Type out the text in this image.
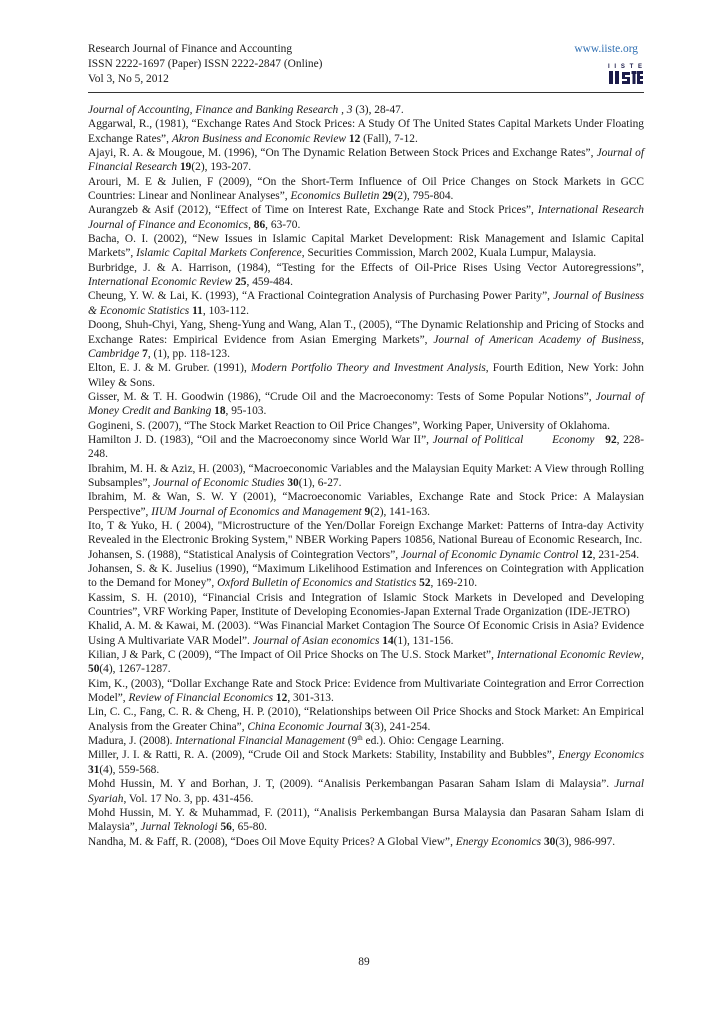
Research Journal of Finance and Accounting
ISSN 2222-1697 (Paper) ISSN 2222-2847 (Online)
Vol 3, No 5, 2012
www.iiste.org
IISTE

Journal of Accounting, Finance and Banking Research , 3 (3), 28-47.

Aggarwal, R., (1981), “Exchange Rates And Stock Prices: A Study Of The United States Capital Markets Under Floating Exchange Rates”, Akron Business and Economic Review 12 (Fall), 7-12.

Ajayi, R. A. & Mougoue, M. (1996), “On The Dynamic Relation Between Stock Prices and Exchange Rates”, Journal of Financial Research 19(2), 193-207.

Arouri, M. E & Julien, F (2009), “On the Short-Term Influence of Oil Price Changes on Stock Markets in GCC Countries: Linear and Nonlinear Analyses”, Economics Bulletin 29(2), 795-804.

Aurangzeb & Asif (2012), “Effect of Time on Interest Rate, Exchange Rate and Stock Prices”, International Research Journal of Finance and Economics, 86, 63-70.

Bacha, O. I. (2002), “New Issues in Islamic Capital Market Development: Risk Management and Islamic Capital Markets”, Islamic Capital Markets Conference, Securities Commission, March 2002, Kuala Lumpur, Malaysia.

Burbridge, J. & A. Harrison, (1984), “Testing for the Effects of Oil-Price Rises Using Vector Autoregressions”, International Economic Review 25, 459-484.

Cheung, Y. W. & Lai, K. (1993), “A Fractional Cointegration Analysis of Purchasing Power Parity”, Journal of Business & Economic Statistics 11, 103-112.

Doong, Shuh-Chyi, Yang, Sheng-Yung and Wang, Alan T., (2005), “The Dynamic Relationship and Pricing of Stocks and Exchange Rates: Empirical Evidence from Asian Emerging Markets”, Journal of American Academy of Business, Cambridge 7, (1), pp. 118-123.

Elton, E. J. & M. Gruber. (1991), Modern Portfolio Theory and Investment Analysis, Fourth Edition, New York: John Wiley & Sons.

Gisser, M. & T. H. Goodwin (1986), “Crude Oil and the Macroeconomy: Tests of Some Popular Notions”, Journal of Money Credit and Banking 18, 95-103.

Gogineni, S. (2007), “The Stock Market Reaction to Oil Price Changes”, Working Paper, University of Oklahoma.

Hamilton J. D. (1983), “Oil and the Macroeconomy since World War II”, Journal of Political        Economy 92, 228-248.

Ibrahim, M. H. & Aziz, H. (2003), “Macroeconomic Variables and the Malaysian Equity Market: A View through Rolling Subsamples”, Journal of Economic Studies 30(1), 6-27.

Ibrahim, M. & Wan, S. W. Y (2001), “Macroeconomic Variables, Exchange Rate and Stock Price: A Malaysian Perspective”, IIUM Journal of Economics and Management 9(2), 141-163.

Ito, T & Yuko, H. ( 2004), "Microstructure of the Yen/Dollar Foreign Exchange Market: Patterns of Intra-day Activity Revealed in the Electronic Broking System," NBER Working Papers 10856, National Bureau of Economic Research, Inc.

Johansen, S. (1988), “Statistical Analysis of Cointegration Vectors”, Journal of Economic Dynamic Control 12, 231-254.

Johansen, S. & K. Juselius (1990), “Maximum Likelihood Estimation and Inferences on Cointegration with Application to the Demand for Money”, Oxford Bulletin of Economics and Statistics 52, 169-210.

Kassim, S. H. (2010), “Financial Crisis and Integration of Islamic Stock Markets in Developed and Developing Countries”, VRF Working Paper, Institute of Developing Economies-Japan External Trade Organization (IDE-JETRO)

Khalid, A. M. & Kawai, M. (2003). “Was Financial Market Contagion The Source Of Economic Crisis in Asia? Evidence Using A Multivariate VAR Model”. Journal of Asian economics 14(1), 131-156.

Kilian, J & Park, C (2009), “The Impact of Oil Price Shocks on The U.S. Stock Market”, International Economic Review, 50(4), 1267-1287.

Kim, K., (2003), “Dollar Exchange Rate and Stock Price: Evidence from Multivariate Cointegration and Error Correction Model”, Review of Financial Economics 12, 301-313.

Lin, C. C., Fang, C. R. & Cheng, H. P. (2010), “Relationships between Oil Price Shocks and Stock Market: An Empirical Analysis from the Greater China”, China Economic Journal 3(3), 241-254.

Madura, J. (2008). International Financial Management (9th ed.). Ohio: Cengage Learning.

Miller, J. I. & Ratti, R. A. (2009), “Crude Oil and Stock Markets: Stability, Instability and Bubbles”, Energy Economics 31(4), 559-568.

Mohd Hussin, M. Y and Borhan, J. T, (2009). “Analisis Perkembangan Pasaran Saham Islam di Malaysia”. Jurnal Syariah, Vol. 17 No. 3, pp. 431-456.

Mohd Hussin, M. Y. & Muhammad, F. (2011), “Analisis Perkembangan Bursa Malaysia dan Pasaran Saham Islam di Malaysia”, Jurnal Teknologi 56, 65-80.

Nandha, M. & Faff, R. (2008), “Does Oil Move Equity Prices? A Global View”, Energy Economics 30(3), 986-997.

89
